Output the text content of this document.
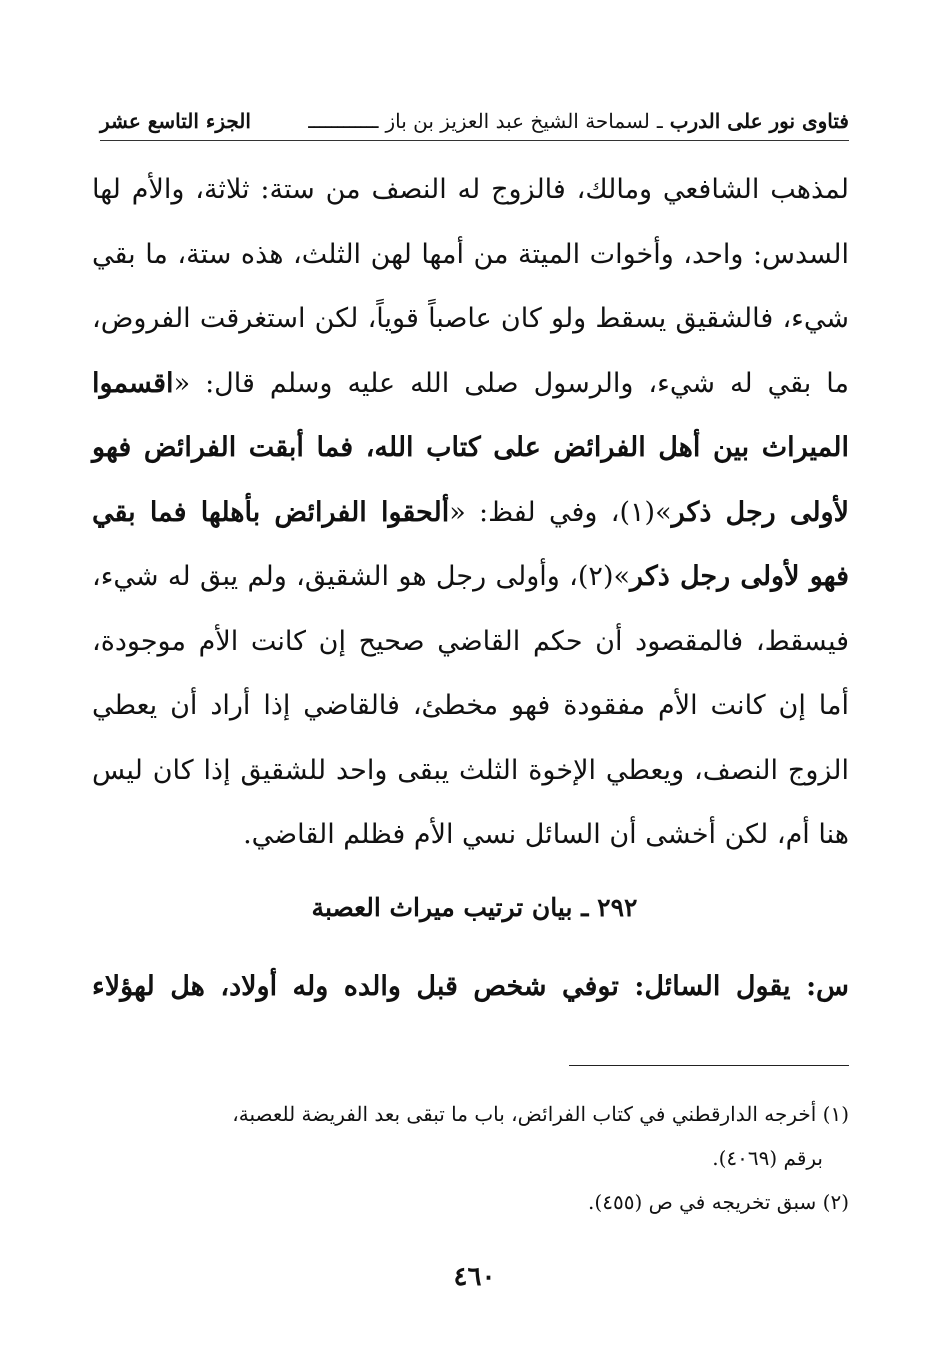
فتاوى نور على الدرب ـ لسماحة الشيخ عبد العزيز بن باز ــــــــــــ
الجزء التاسع عشر

لمذهب الشافعي ومالك، فالزوج له النصف من ستة: ثلاثة، والأم لها السدس: واحد، وأخوات الميتة من أمها لهن الثلث، هذه ستة، ما بقي شيء، فالشقيق يسقط ولو كان عاصباً قوياً، لكن استغرقت الفروض، ما بقي له شيء، والرسول صلى الله عليه وسلم قال: «اقسموا الميراث بين أهل الفرائض على كتاب الله، فما أبقت الفرائض فهو لأولى رجل ذكر»(١)، وفي لفظ: «ألحقوا الفرائض بأهلها فما بقي فهو لأولى رجل ذكر»(٢)، وأولى رجل هو الشقيق، ولم يبق له شيء، فيسقط، فالمقصود أن حكم القاضي صحيح إن كانت الأم موجودة، أما إن كانت الأم مفقودة فهو مخطئ، فالقاضي إذا أراد أن يعطي الزوج النصف، ويعطي الإخوة الثلث يبقى واحد للشقيق إذا كان ليس هنا أم، لكن أخشى أن السائل نسي الأم فظلم القاضي.

٢٩٢ ـ بيان ترتيب ميراث العصبة
س: يقول السائل: توفي شخص قبل والده وله أولاد، هل لهؤلاء

(١) أخرجه الدارقطني في كتاب الفرائض، باب ما تبقى بعد الفريضة للعصبة،

برقم (٤٠٦٩).

(٢) سبق تخريجه في ص (٤٥٥).

٤٦٠
